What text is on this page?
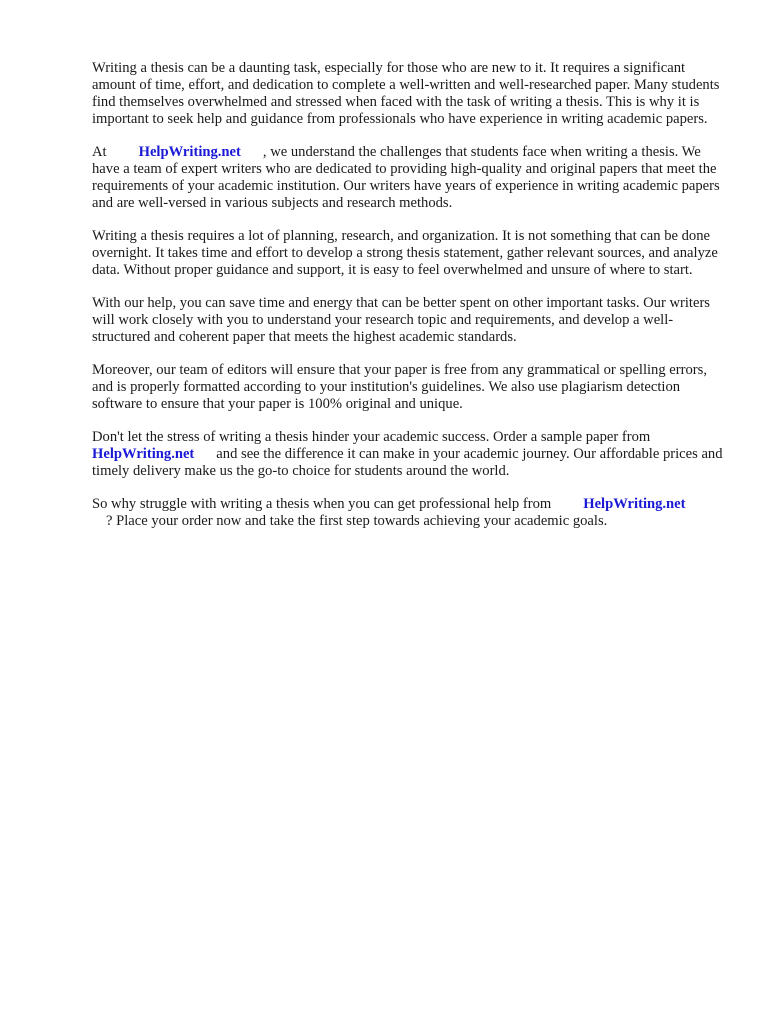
Writing a thesis can be a daunting task, especially for those who are new to it. It requires a significant amount of time, effort, and dedication to complete a well-written and well-researched paper. Many students find themselves overwhelmed and stressed when faced with the task of writing a thesis. This is why it is important to seek help and guidance from professionals who have experience in writing academic papers.

At HelpWriting.net , we understand the challenges that students face when writing a thesis. We have a team of expert writers who are dedicated to providing high-quality and original papers that meet the requirements of your academic institution. Our writers have years of experience in writing academic papers and are well-versed in various subjects and research methods.

Writing a thesis requires a lot of planning, research, and organization. It is not something that can be done overnight. It takes time and effort to develop a strong thesis statement, gather relevant sources, and analyze data. Without proper guidance and support, it is easy to feel overwhelmed and unsure of where to start.

With our help, you can save time and energy that can be better spent on other important tasks. Our writers will work closely with you to understand your research topic and requirements, and develop a well-structured and coherent paper that meets the highest academic standards.

Moreover, our team of editors will ensure that your paper is free from any grammatical or spelling errors, and is properly formatted according to your institution's guidelines. We also use plagiarism detection software to ensure that your paper is 100% original and unique.

Don't let the stress of writing a thesis hinder your academic success. Order a sample paper from HelpWriting.net and see the difference it can make in your academic journey. Our affordable prices and timely delivery make us the go-to choice for students around the world.

So why struggle with writing a thesis when you can get professional help from HelpWriting.net
? Place your order now and take the first step towards achieving your academic goals.
